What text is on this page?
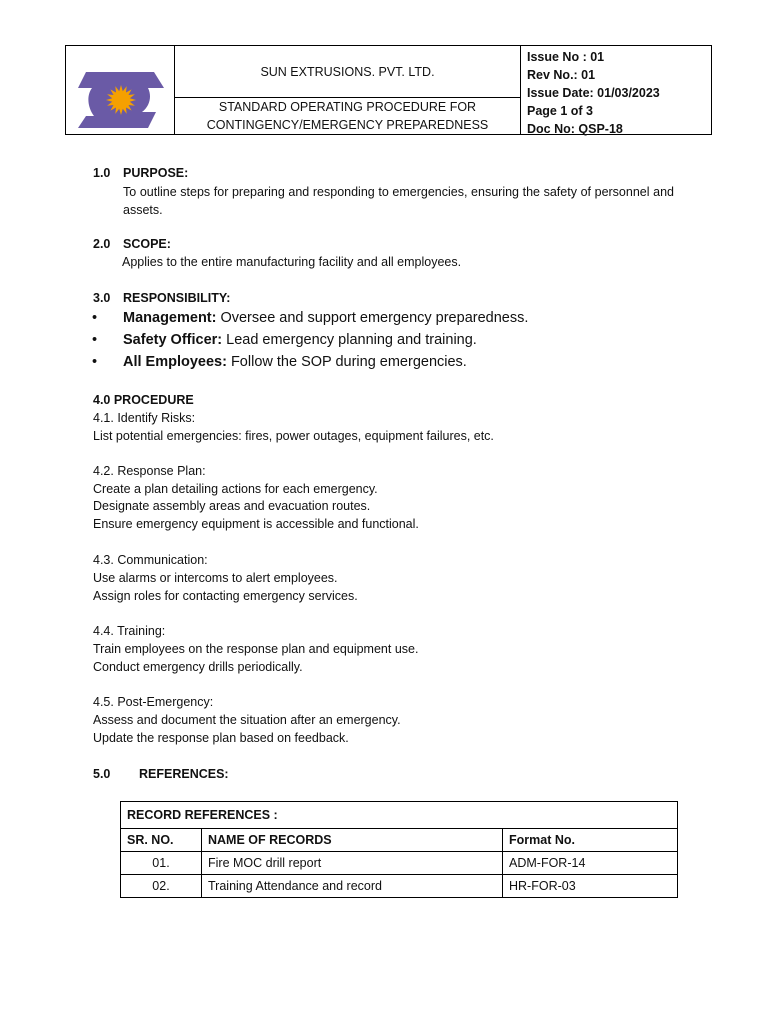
SUN EXTRUSIONS. PVT. LTD.
STANDARD OPERATING PROCEDURE FOR
CONTINGENCY/EMERGENCY PREPAREDNESS
Issue No : 01
Rev No.: 01
Issue Date: 01/03/2023
Page 1 of 3
Doc No: QSP-18
1.0 PURPOSE:
To outline steps for preparing and responding to emergencies, ensuring the safety of personnel and assets.
2.0 SCOPE:
Applies to the entire manufacturing facility and all employees.
3.0 RESPONSIBILITY:
•	Management: Oversee and support emergency preparedness.
•	Safety Officer: Lead emergency planning and training.
•	All Employees: Follow the SOP during emergencies.
4.0 PROCEDURE
4.1. Identify Risks:
List potential emergencies: fires, power outages, equipment failures, etc.
4.2. Response Plan:
Create a plan detailing actions for each emergency.
Designate assembly areas and evacuation routes.
Ensure emergency equipment is accessible and functional.
4.3. Communication:
Use alarms or intercoms to alert employees.
Assign roles for contacting emergency services.
4.4. Training:
Train employees on the response plan and equipment use.
Conduct emergency drills periodically.
4.5. Post-Emergency:
Assess and document the situation after an emergency.
Update the response plan based on feedback.
5.0 REFERENCES:
RECORD REFERENCES :		
SR. NO.	NAME OF RECORDS	Format No.
01.	Fire MOC drill report	ADM-FOR-14
02.	Training Attendance and record	HR-FOR-03
